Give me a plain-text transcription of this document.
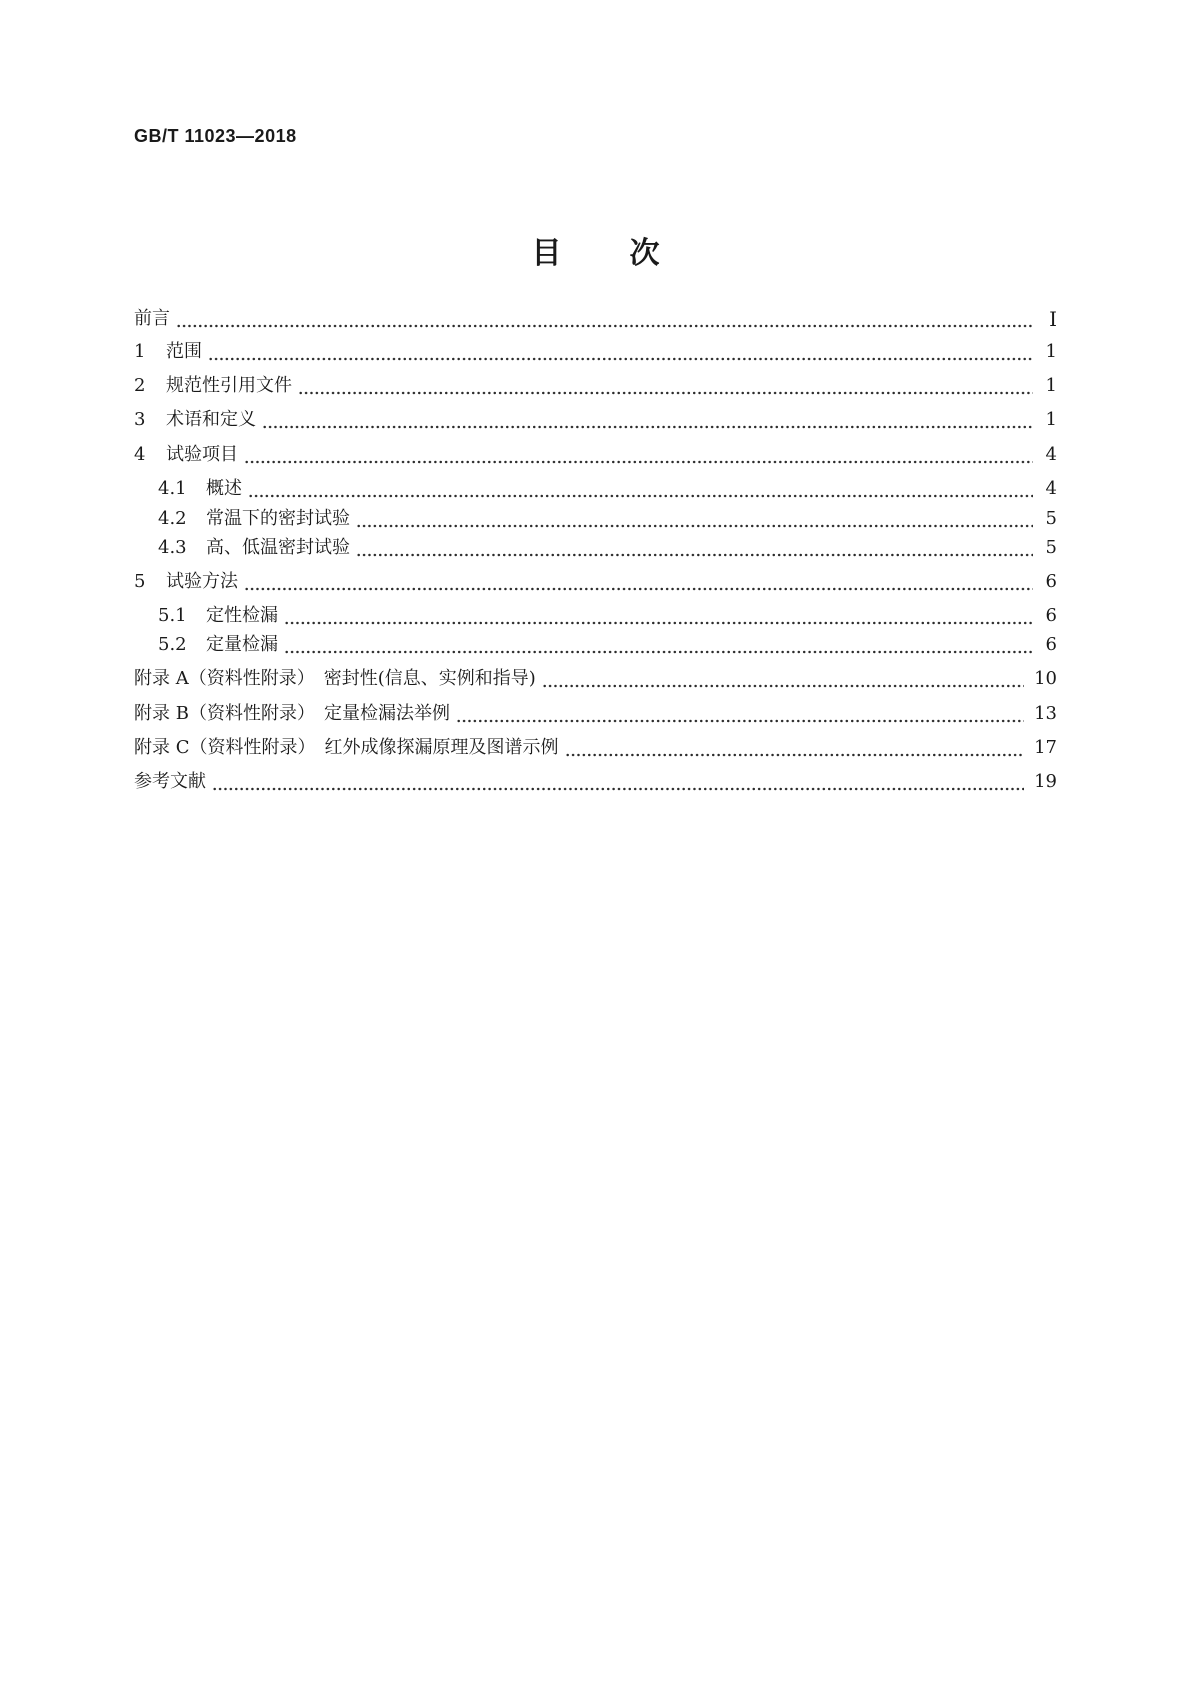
GB/T 11023—2018
目 次
前言	Ⅰ
1	范围	1
2	规范性引用文件	1
3	术语和定义	1
4	试验项目	4
4.1	概述	4
4.2	常温下的密封试验	5
4.3	高、低温密封试验	5
5	试验方法	6
5.1	定性检漏	6
5.2	定量检漏	6
附录 A（资料性附录）　密封性(信息、实例和指导)	10
附录 B（资料性附录）　定量检漏法举例	13
附录 C（资料性附录）　红外成像探漏原理及图谱示例	17
参考文献	19
